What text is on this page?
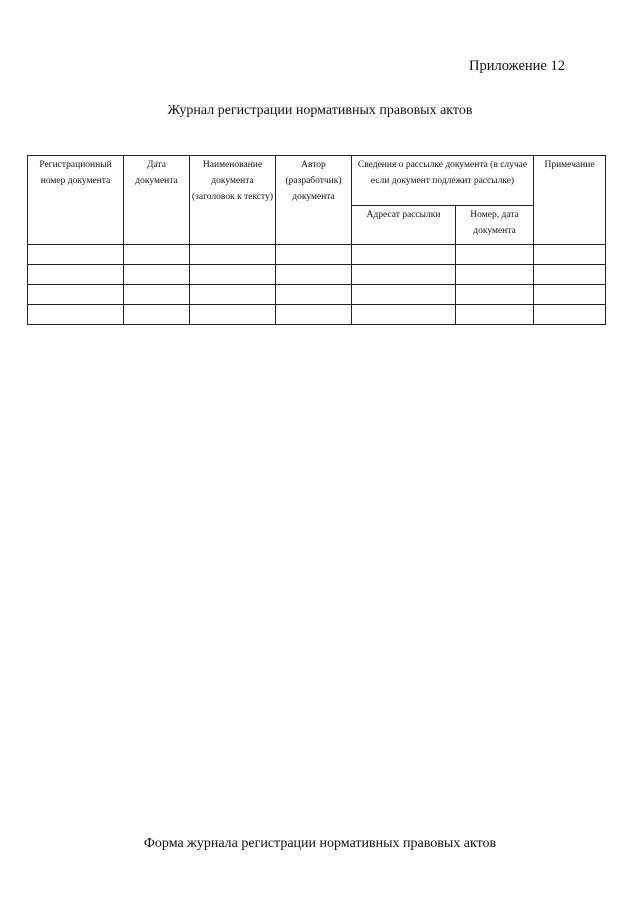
Приложение 12
Журнал регистрации нормативных правовых актов
Регистрационный номер документа	Дата документа	Наименование документа (заголовок к тексту)	Автор (разработчик) документа	Сведения о рассылке документа (в случае если документ подлежит рассылке)		Примечание
				Адресат рассылки	Номер, дата документа	

Форма журнала регистрации нормативных правовых актов
